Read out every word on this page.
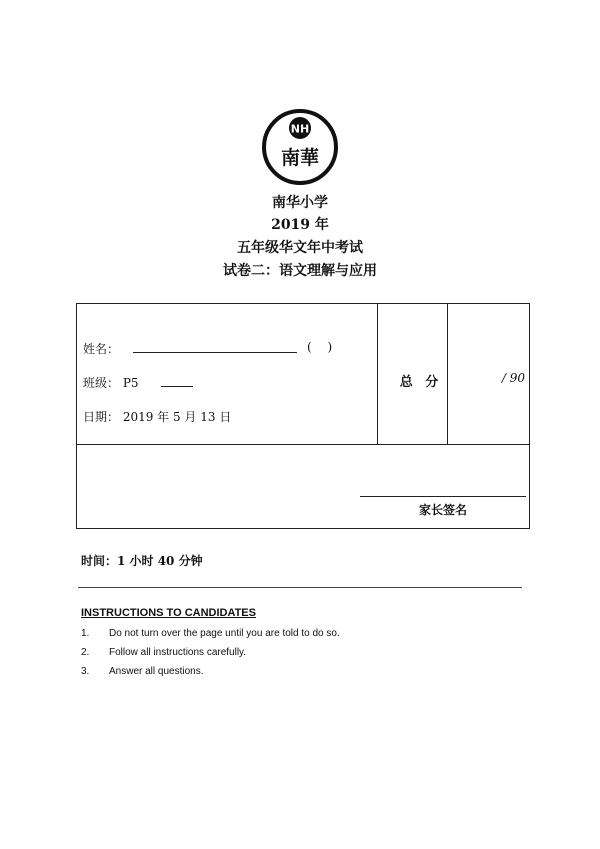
NH
南華
南华小学
2019 年
五年级华文年中考试
试卷二：语文理解与应用
姓名：	( )
班级： P5
日期： 2019 年 5 月 13 日
总 分	/ 90
家长签名
时间：1 小时 40 分钟
INSTRUCTIONS TO CANDIDATES
1. Do not turn over the page until you are told to do so.
2. Follow all instructions carefully.
3. Answer all questions.
